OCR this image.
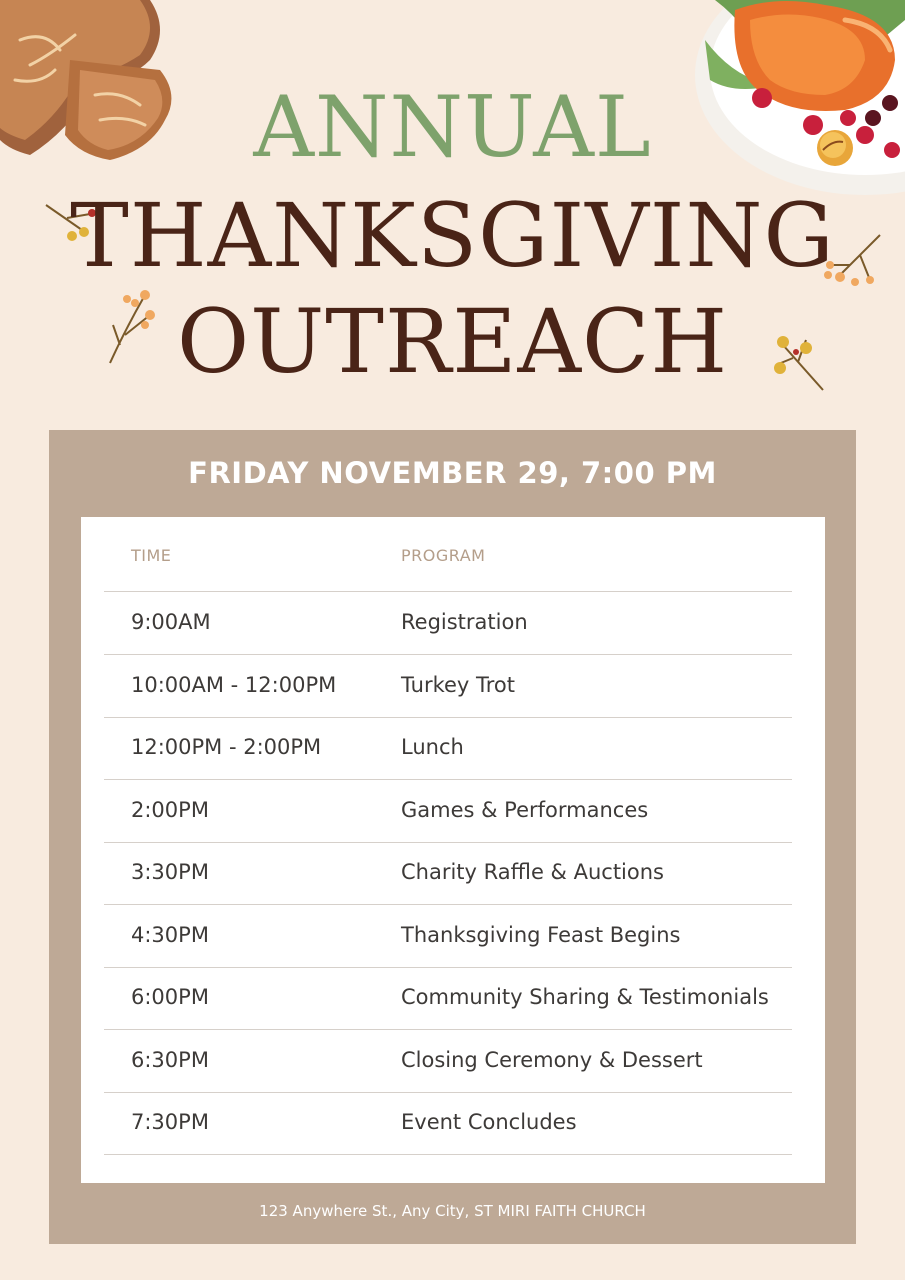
ANNUAL
THANKSGIVING
OUTREACH
FRIDAY NOVEMBER 29, 7:00 PM
TIME	PROGRAM
9:00AM	Registration
10:00AM - 12:00PM	Turkey Trot
12:00PM - 2:00PM	Lunch
2:00PM	Games & Performances
3:30PM	Charity Raffle & Auctions
4:30PM	Thanksgiving Feast Begins
6:00PM	Community Sharing & Testimonials
6:30PM	Closing Ceremony & Dessert
7:30PM	Event Concludes
123 Anywhere St., Any City, ST MIRI FAITH CHURCH
